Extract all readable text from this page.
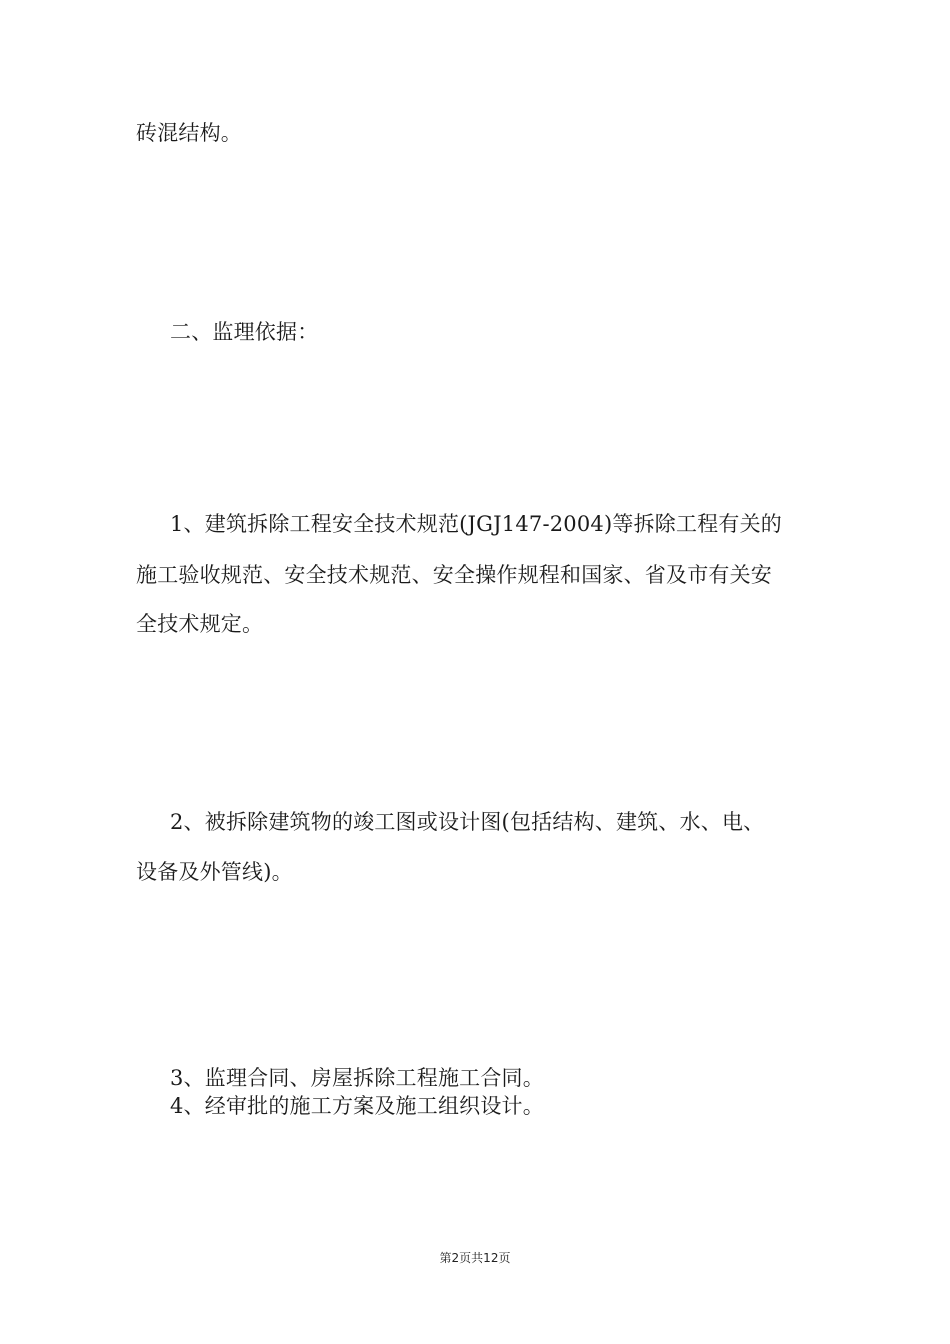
砖混结构。
二、监理依据：
1、建筑拆除工程安全技术规范(JGJ147-2004)等拆除工程有关的
施工验收规范、安全技术规范、安全操作规程和国家、省及市有关安
全技术规定。
2、被拆除建筑物的竣工图或设计图(包括结构、建筑、水、电、
设备及外管线)。
3、监理合同、房屋拆除工程施工合同。
4、经审批的施工方案及施工组织设计。
第2页共12页
